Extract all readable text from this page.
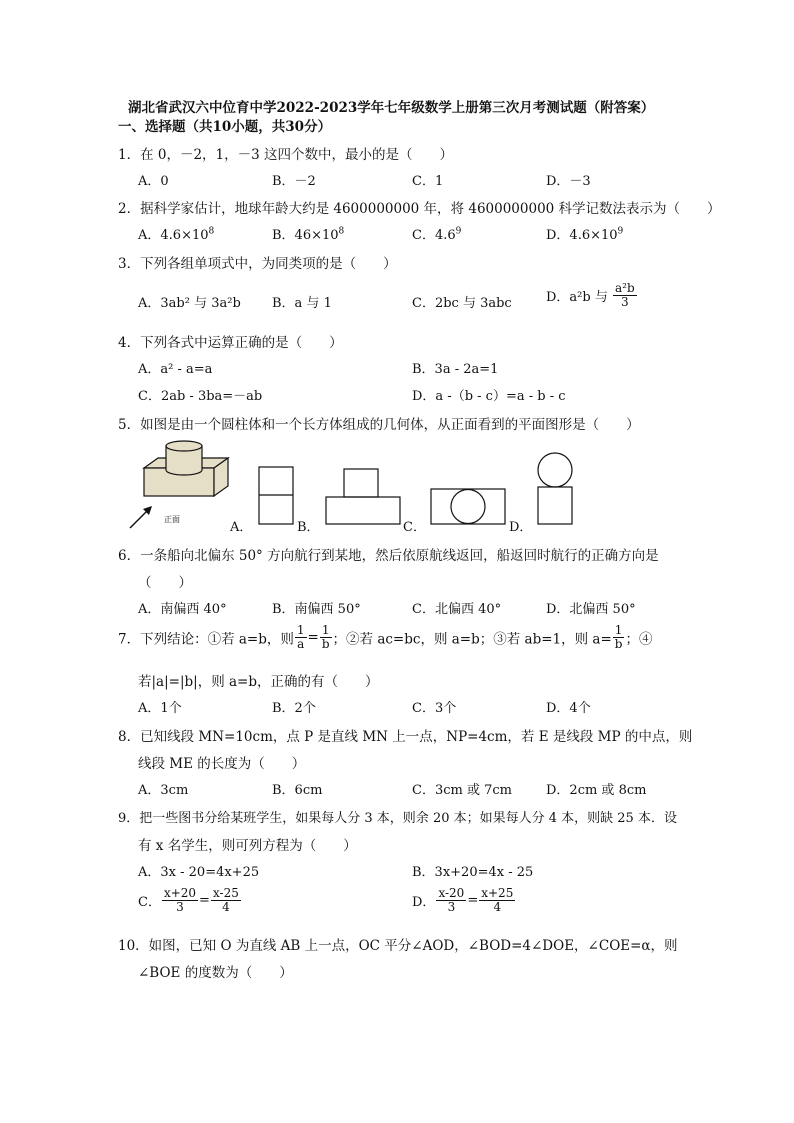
湖北省武汉六中位育中学2022-2023学年七年级数学上册第三次月考测试题（附答案）
一、选择题（共10小题，共30分）
1．在 0，－2，1，－3 这四个数中，最小的是（　　）
A．0	B．－2	C．1	D．－3
2．据科学家估计，地球年龄大约是 4600000000 年，将 4600000000 科学记数法表示为（　　）
A．$4.6\times 10^8$	B．$46\times 10^8$	C．$4.6^9$	D．$4.6\times 10^9$
3．下列各组单项式中，为同类项的是（　　）
A．3ab² 与 3a²b B．a 与 1	C．2bc 与 3abc	D．a²b 与 $\frac{\text{a²b}}{3}$
4．下列各式中运算正确的是（　　）
A．a² - a=a	B．3a - 2a=1
C．2ab - 3ba=－ab	D．a -（b - c）=a - b - c
5．如图是由一个圆柱体和一个长方体组成的几何体，从正面看到的平面图形是（　　）
正面
A．	B．	C．	D．
6．一条船向北偏东 50° 方向航行到某地，然后依原航线返回，船返回时航行的正确方向是
（　　）
A．南偏西 40°	B．南偏西 50°	C．北偏西 40°	D．北偏西 50°
7．下列结论：①若 a=b，则 $\frac{1}{a} = \frac{1}{b}$ ；②若 ac=bc，则 a=b；③若 ab=1，则 $a= \frac{1}{b}$ ；④
若|a|=|b|，则 a=b，正确的有（　　）
A．1个	B．2个	C．3个	D．4个
8．已知线段 MN=10cm，点 P 是直线 MN 上一点，NP=4cm，若 E 是线段 MP 的中点，则
线段 ME 的长度为（　　）
A．3cm	B．6cm	C．3cm 或 7cm	D．2cm 或 8cm
9．把一些图书分给某班学生，如果每人分 3 本，则余 20 本；如果每人分 4 本，则缺 25 本．设
有 x 名学生，则可列方程为（　　）
A．3x - 20=4x+25	B．3x+20=4x - 25
C． $\frac{x+20}{3} = \frac{x-25}{4}$	D． $\frac{x-20}{3} = \frac{x+25}{4}$
10．如图，已知 O 为直线 AB 上一点，OC 平分∠AOD，∠BOD=4∠DOE，∠COE=α，则
∠BOE 的度数为（　　）
